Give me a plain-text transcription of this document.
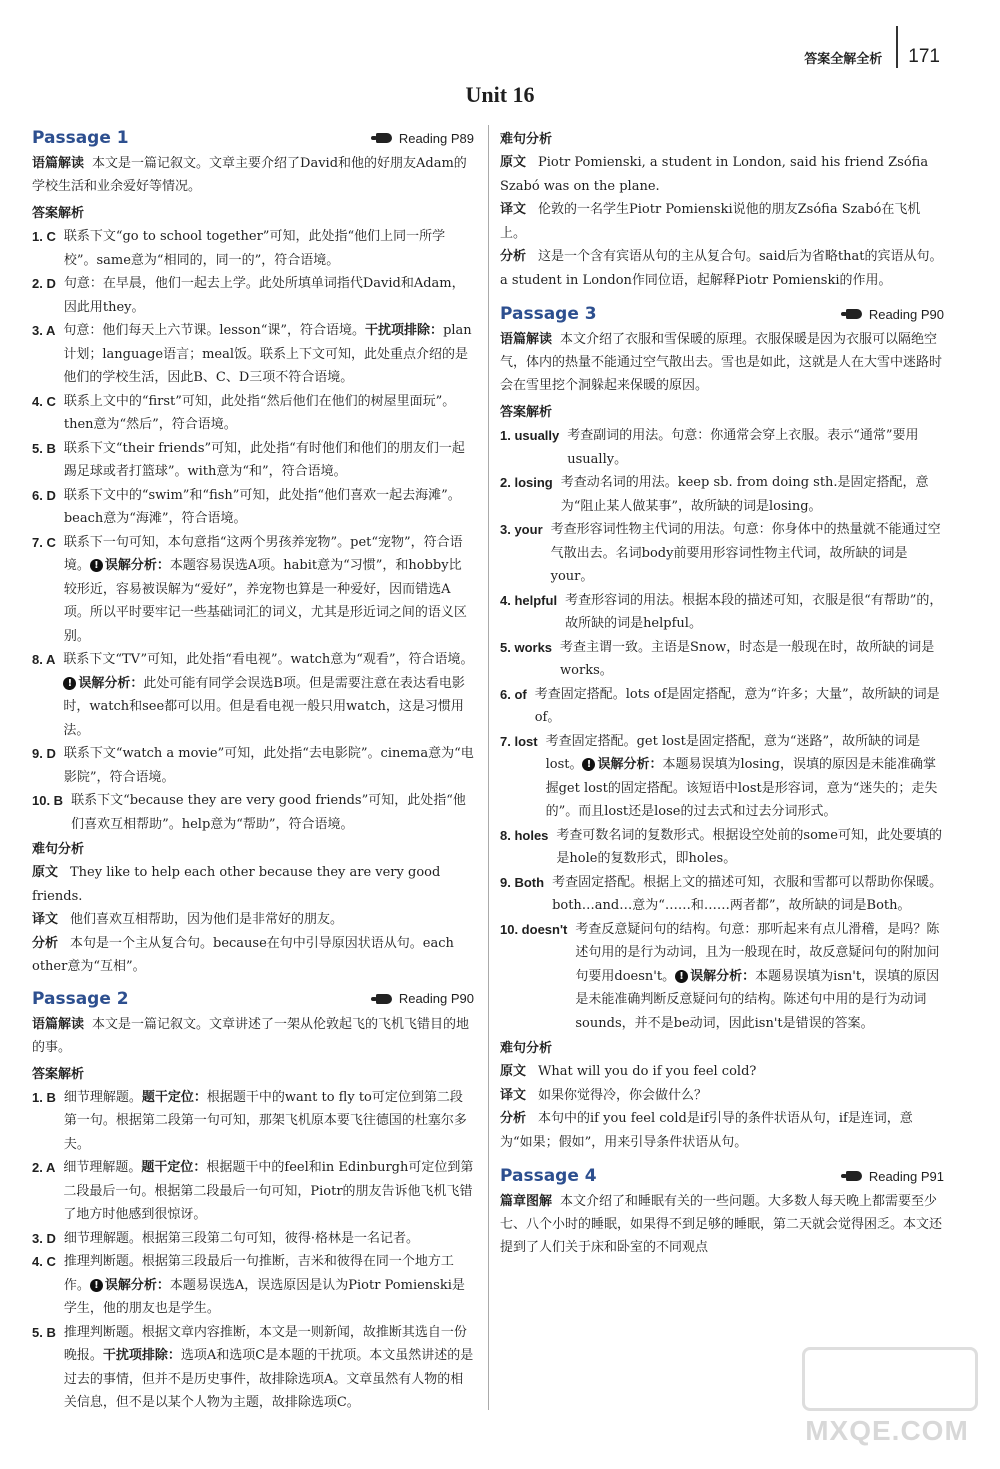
答案全解全析 171
Unit 16
Passage 1	Reading P89
语篇解读 本文是一篇记叙文。文章主要介绍了David和他的好朋友Adam的学校生活和业余爱好等情况。
答案解析
1. C 联系下文“go to school together”可知，此处指“他们上同一所学校”。same意为“相同的，同一的”，符合语境。
2. D 句意：在早晨，他们一起去上学。此处所填单词指代David和Adam，因此用they。
3. A 句意：他们每天上六节课。lesson“课”，符合语境。干扰项排除：plan计划；language语言；meal饭。联系上下文可知，此处重点介绍的是他们的学校生活，因此B、C、D三项不符合语境。
4. C 联系上文中的“first”可知，此处指“然后他们在他们的树屋里面玩”。then意为“然后”，符合语境。
5. B 联系下文“their friends”可知，此处指“有时他们和他们的朋友们一起踢足球或者打篮球”。with意为“和”，符合语境。
6. D 联系下文中的“swim”和“fish”可知，此处指“他们喜欢一起去海滩”。beach意为“海滩”，符合语境。
7. C 联系下一句可知，本句意指“这两个男孩养宠物”。pet“宠物”，符合语境。 ! 误解分析：本题容易误选A项。habit意为“习惯”，和hobby比较形近，容易被误解为“爱好”，养宠物也算是一种爱好，因而错选A项。所以平时要牢记一些基础词汇的词义，尤其是形近词之间的语义区别。
8. A 联系下文“TV”可知，此处指“看电视”。watch意为“观看”，符合语境。! 误解分析：此处可能有同学会误选B项。但是需要注意在表达看电影时，watch和see都可以用。但是看电视一般只用watch，这是习惯用法。
9. D 联系下文“watch a movie”可知，此处指“去电影院”。cinema意为“电影院”，符合语境。
10. B 联系下文“because they are very good friends”可知，此处指“他们喜欢互相帮助”。help意为“帮助”，符合语境。
难句分析
原文 They like to help each other because they are very good friends.
译文 他们喜欢互相帮助，因为他们是非常好的朋友。
分析 本句是一个主从复合句。because在句中引导原因状语从句。each other意为“互相”。
Passage 2	Reading P90
语篇解读 本文是一篇记叙文。文章讲述了一架从伦敦起飞的飞机飞错目的地的事。
答案解析
1. B 细节理解题。题干定位：根据题干中的want to fly to可定位到第二段第一句。根据第二段第一句可知，那架飞机原本要飞往德国的杜塞尔多夫。
2. A 细节理解题。题干定位：根据题干中的feel和in Edinburgh可定位到第二段最后一句。根据第二段最后一句可知，Piotr的朋友告诉他飞机飞错了地方时他感到很惊讶。
3. D 细节理解题。根据第三段第二句可知，彼得·格林是一名记者。
4. C 推理判断题。根据第三段最后一句推断，吉米和彼得在同一个地方工作。 ! 误解分析：本题易误选A，误选原因是认为Piotr Pomienski是学生，他的朋友也是学生。
5. B 推理判断题。根据文章内容推断，本文是一则新闻，故推断其选自一份晚报。干扰项排除：选项A和选项C是本题的干扰项。本文虽然讲述的是过去的事情，但并不是历史事件，故排除选项A。文章虽然有人物的相关信息，但不是以某个人物为主题，故排除选项C。
难句分析
原文 Piotr Pomienski, a student in London, said his friend Zsófia Szabó was on the plane.
译文 伦敦的一名学生Piotr Pomienski说他的朋友Zsófia Szabó在飞机上。
分析 这是一个含有宾语从句的主从复合句。said后为省略that的宾语从句。a student in London作同位语，起解释Piotr Pomienski的作用。
Passage 3	Reading P90
语篇解读 本文介绍了衣服和雪保暖的原理。衣服保暖是因为衣服可以隔绝空气，体内的热量不能通过空气散出去。雪也是如此，这就是人在大雪中迷路时会在雪里挖个洞躲起来保暖的原因。
答案解析
1. usually 考查副词的用法。句意：你通常会穿上衣服。表示“通常”要用usually。
2. losing 考查动名词的用法。keep sb. from doing sth.是固定搭配，意为“阻止某人做某事”，故所缺的词是losing。
3. your 考查形容词性物主代词的用法。句意：你身体中的热量就不能通过空气散出去。名词body前要用形容词性物主代词，故所缺的词是your。
4. helpful 考查形容词的用法。根据本段的描述可知，衣服是很“有帮助”的，故所缺的词是helpful。
5. works 考查主谓一致。主语是Snow，时态是一般现在时，故所缺的词是works。
6. of 考查固定搭配。lots of是固定搭配，意为“许多；大量”，故所缺的词是of。
7. lost 考查固定搭配。get lost是固定搭配，意为“迷路”，故所缺的词是lost。 ! 误解分析：本题易误填为losing，误填的原因是未能准确掌握get lost的固定搭配。该短语中lost是形容词，意为“迷失的；走失的”。而且lost还是lose的过去式和过去分词形式。
8. holes 考查可数名词的复数形式。根据设空处前的some可知，此处要填的是hole的复数形式，即holes。
9. Both 考查固定搭配。根据上文的描述可知，衣服和雪都可以帮助你保暖。both…and…意为“……和……两者都”，故所缺的词是Both。
10. doesn't 考查反意疑问句的结构。句意：那听起来有点儿滑稽，是吗？陈述句用的是行为动词，且为一般现在时，故反意疑问句的附加问句要用doesn't。 ! 误解分析：本题易误填为isn't，误填的原因是未能准确判断反意疑问句的结构。陈述句中用的是行为动词sounds，并不是be动词，因此isn't是错误的答案。
难句分析
原文 What will you do if you feel cold?
译文 如果你觉得冷，你会做什么？
分析 本句中的if you feel cold是if引导的条件状语从句，if是连词，意为“如果；假如”，用来引导条件状语从句。
Passage 4	Reading P91
篇章图解 本文介绍了和睡眠有关的一些问题。大多数人每天晚上都需要至少七、八个小时的睡眠，如果得不到足够的睡眠，第二天就会觉得困乏。本文还提到了人们关于床和卧室的不同观点
MXQE.COM
